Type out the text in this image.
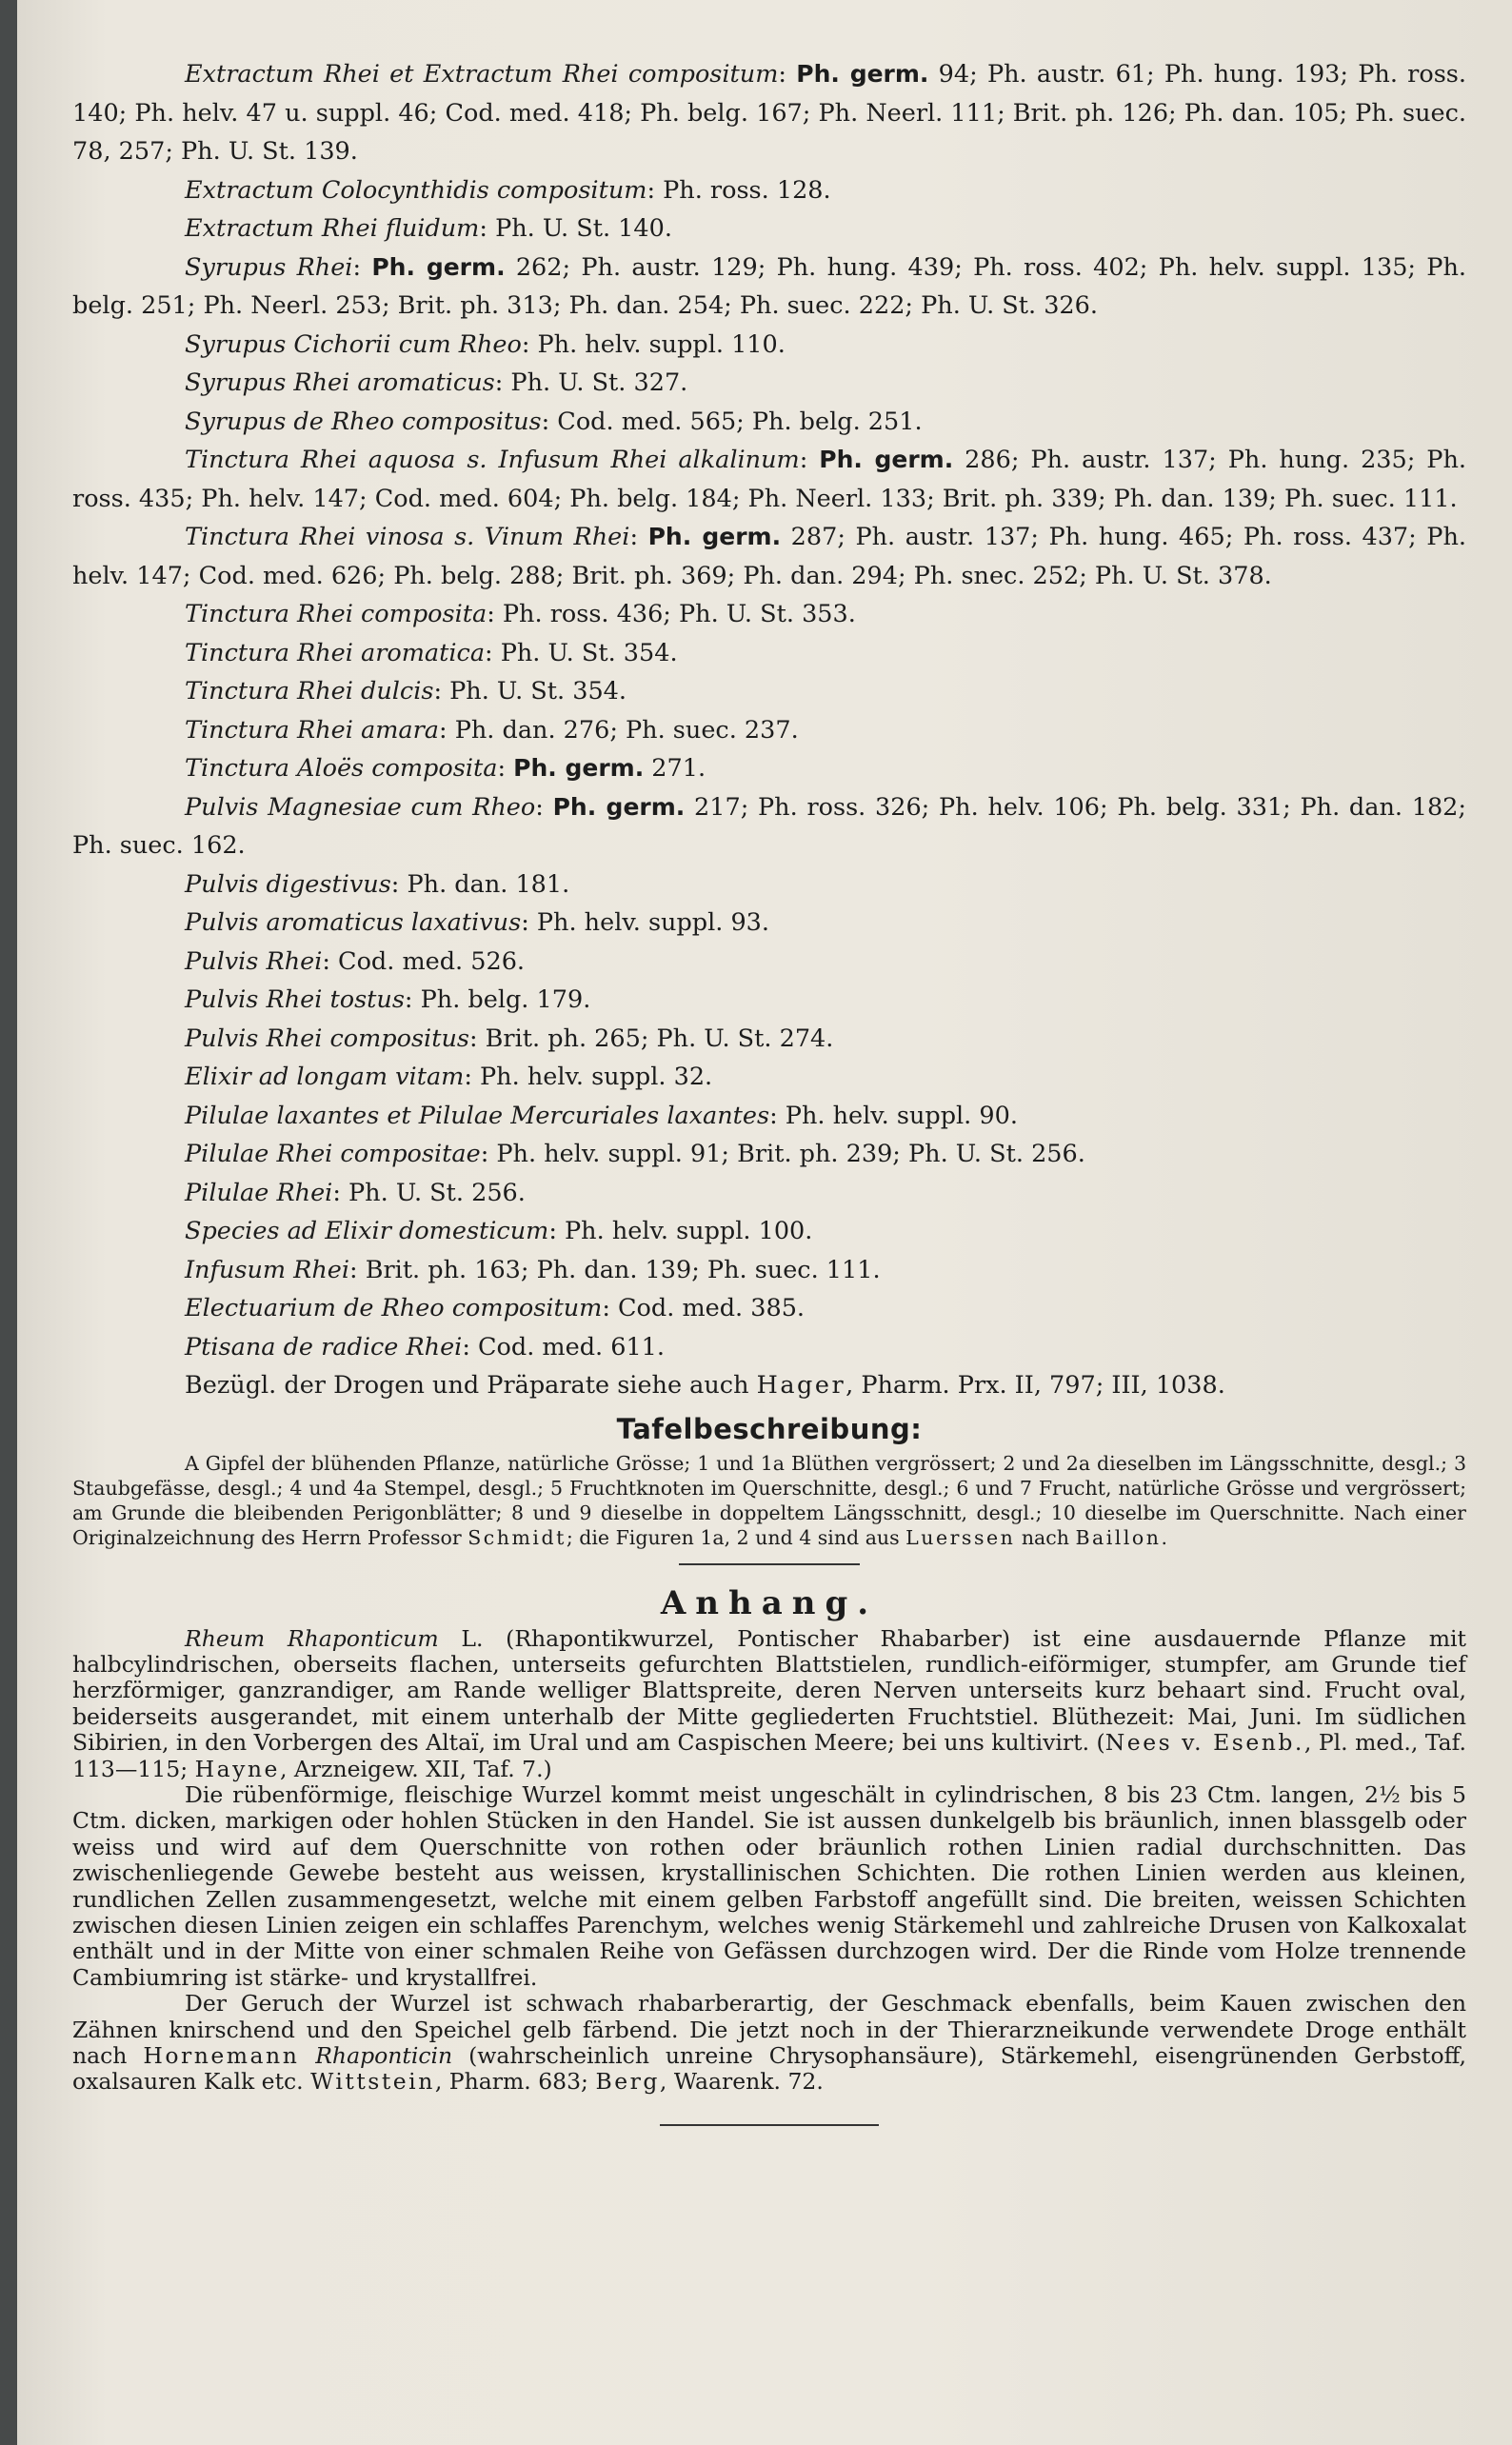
Extractum Rhei et Extractum Rhei compositum: Ph. germ. 94; Ph. austr. 61; Ph. hung. 193; Ph. ross. 140; Ph. helv. 47 u. suppl. 46; Cod. med. 418; Ph. belg. 167; Ph. Neerl. 111; Brit. ph. 126; Ph. dan. 105; Ph. suec. 78, 257; Ph. U. St. 139.

Extractum Colocynthidis compositum: Ph. ross. 128.

Extractum Rhei fluidum: Ph. U. St. 140.

Syrupus Rhei: Ph. germ. 262; Ph. austr. 129; Ph. hung. 439; Ph. ross. 402; Ph. helv. suppl. 135; Ph. belg. 251; Ph. Neerl. 253; Brit. ph. 313; Ph. dan. 254; Ph. suec. 222; Ph. U. St. 326.

Syrupus Cichorii cum Rheo: Ph. helv. suppl. 110.

Syrupus Rhei aromaticus: Ph. U. St. 327.

Syrupus de Rheo compositus: Cod. med. 565; Ph. belg. 251.

Tinctura Rhei aquosa s. Infusum Rhei alkalinum: Ph. germ. 286; Ph. austr. 137; Ph. hung. 235; Ph. ross. 435; Ph. helv. 147; Cod. med. 604; Ph. belg. 184; Ph. Neerl. 133; Brit. ph. 339; Ph. dan. 139; Ph. suec. 111.

Tinctura Rhei vinosa s. Vinum Rhei: Ph. germ. 287; Ph. austr. 137; Ph. hung. 465; Ph. ross. 437; Ph. helv. 147; Cod. med. 626; Ph. belg. 288; Brit. ph. 369; Ph. dan. 294; Ph. snec. 252; Ph. U. St. 378.

Tinctura Rhei composita: Ph. ross. 436; Ph. U. St. 353.

Tinctura Rhei aromatica: Ph. U. St. 354.

Tinctura Rhei dulcis: Ph. U. St. 354.

Tinctura Rhei amara: Ph. dan. 276; Ph. suec. 237.

Tinctura Aloës composita: Ph. germ. 271.

Pulvis Magnesiae cum Rheo: Ph. germ. 217; Ph. ross. 326; Ph. helv. 106; Ph. belg. 331; Ph. dan. 182; Ph. suec. 162.

Pulvis digestivus: Ph. dan. 181.

Pulvis aromaticus laxativus: Ph. helv. suppl. 93.

Pulvis Rhei: Cod. med. 526.

Pulvis Rhei tostus: Ph. belg. 179.

Pulvis Rhei compositus: Brit. ph. 265; Ph. U. St. 274.

Elixir ad longam vitam: Ph. helv. suppl. 32.

Pilulae laxantes et Pilulae Mercuriales laxantes: Ph. helv. suppl. 90.

Pilulae Rhei compositae: Ph. helv. suppl. 91; Brit. ph. 239; Ph. U. St. 256.

Pilulae Rhei: Ph. U. St. 256.

Species ad Elixir domesticum: Ph. helv. suppl. 100.

Infusum Rhei: Brit. ph. 163; Ph. dan. 139; Ph. suec. 111.

Electuarium de Rheo compositum: Cod. med. 385.

Ptisana de radice Rhei: Cod. med. 611.

Bezügl. der Drogen und Präparate siehe auch Hager, Pharm. Prx. II, 797; III, 1038.

Tafelbeschreibung:

A Gipfel der blühenden Pflanze, natürliche Grösse; 1 und 1a Blüthen vergrössert; 2 und 2a dieselben im Längsschnitte, desgl.; 3 Staubgefässe, desgl.; 4 und 4a Stempel, desgl.; 5 Fruchtknoten im Querschnitte, desgl.; 6 und 7 Frucht, natürliche Grösse und vergrössert; am Grunde die bleibenden Perigonblätter; 8 und 9 dieselbe in doppeltem Längsschnitt, desgl.; 10 dieselbe im Querschnitte. Nach einer Originalzeichnung des Herrn Professor Schmidt; die Figuren 1a, 2 und 4 sind aus Luerssen nach Baillon.

Anhang.

Rheum Rhaponticum L. (Rhapontikwurzel, Pontischer Rhabarber) ist eine ausdauernde Pflanze mit halbcylindrischen, oberseits flachen, unterseits gefurchten Blattstielen, rundlich-eiförmiger, stumpfer, am Grunde tief herzförmiger, ganzrandiger, am Rande welliger Blattspreite, deren Nerven unterseits kurz behaart sind. Frucht oval, beiderseits ausgerandet, mit einem unterhalb der Mitte gegliederten Fruchtstiel. Blüthezeit: Mai, Juni. Im südlichen Sibirien, in den Vorbergen des Altaï, im Ural und am Caspischen Meere; bei uns kultivirt. (Nees v. Esenb., Pl. med., Taf. 113—115; Hayne, Arzneigew. XII, Taf. 7.)

Die rübenförmige, fleischige Wurzel kommt meist ungeschält in cylindrischen, 8 bis 23 Ctm. langen, 2½ bis 5 Ctm. dicken, markigen oder hohlen Stücken in den Handel. Sie ist aussen dunkelgelb bis bräunlich, innen blassgelb oder weiss und wird auf dem Querschnitte von rothen oder bräunlich rothen Linien radial durchschnitten. Das zwischenliegende Gewebe besteht aus weissen, krystallinischen Schichten. Die rothen Linien werden aus kleinen, rundlichen Zellen zusammengesetzt, welche mit einem gelben Farbstoff angefüllt sind. Die breiten, weissen Schichten zwischen diesen Linien zeigen ein schlaffes Parenchym, welches wenig Stärkemehl und zahlreiche Drusen von Kalkoxalat enthält und in der Mitte von einer schmalen Reihe von Gefässen durchzogen wird. Der die Rinde vom Holze trennende Cambiumring ist stärke- und krystallfrei.

Der Geruch der Wurzel ist schwach rhabarberartig, der Geschmack ebenfalls, beim Kauen zwischen den Zähnen knirschend und den Speichel gelb färbend. Die jetzt noch in der Thierarzneikunde verwendete Droge enthält nach Hornemann Rhaponticin (wahrscheinlich unreine Chrysophansäure), Stärkemehl, eisengrünenden Gerbstoff, oxalsauren Kalk etc. Wittstein, Pharm. 683; Berg, Waarenk. 72.
